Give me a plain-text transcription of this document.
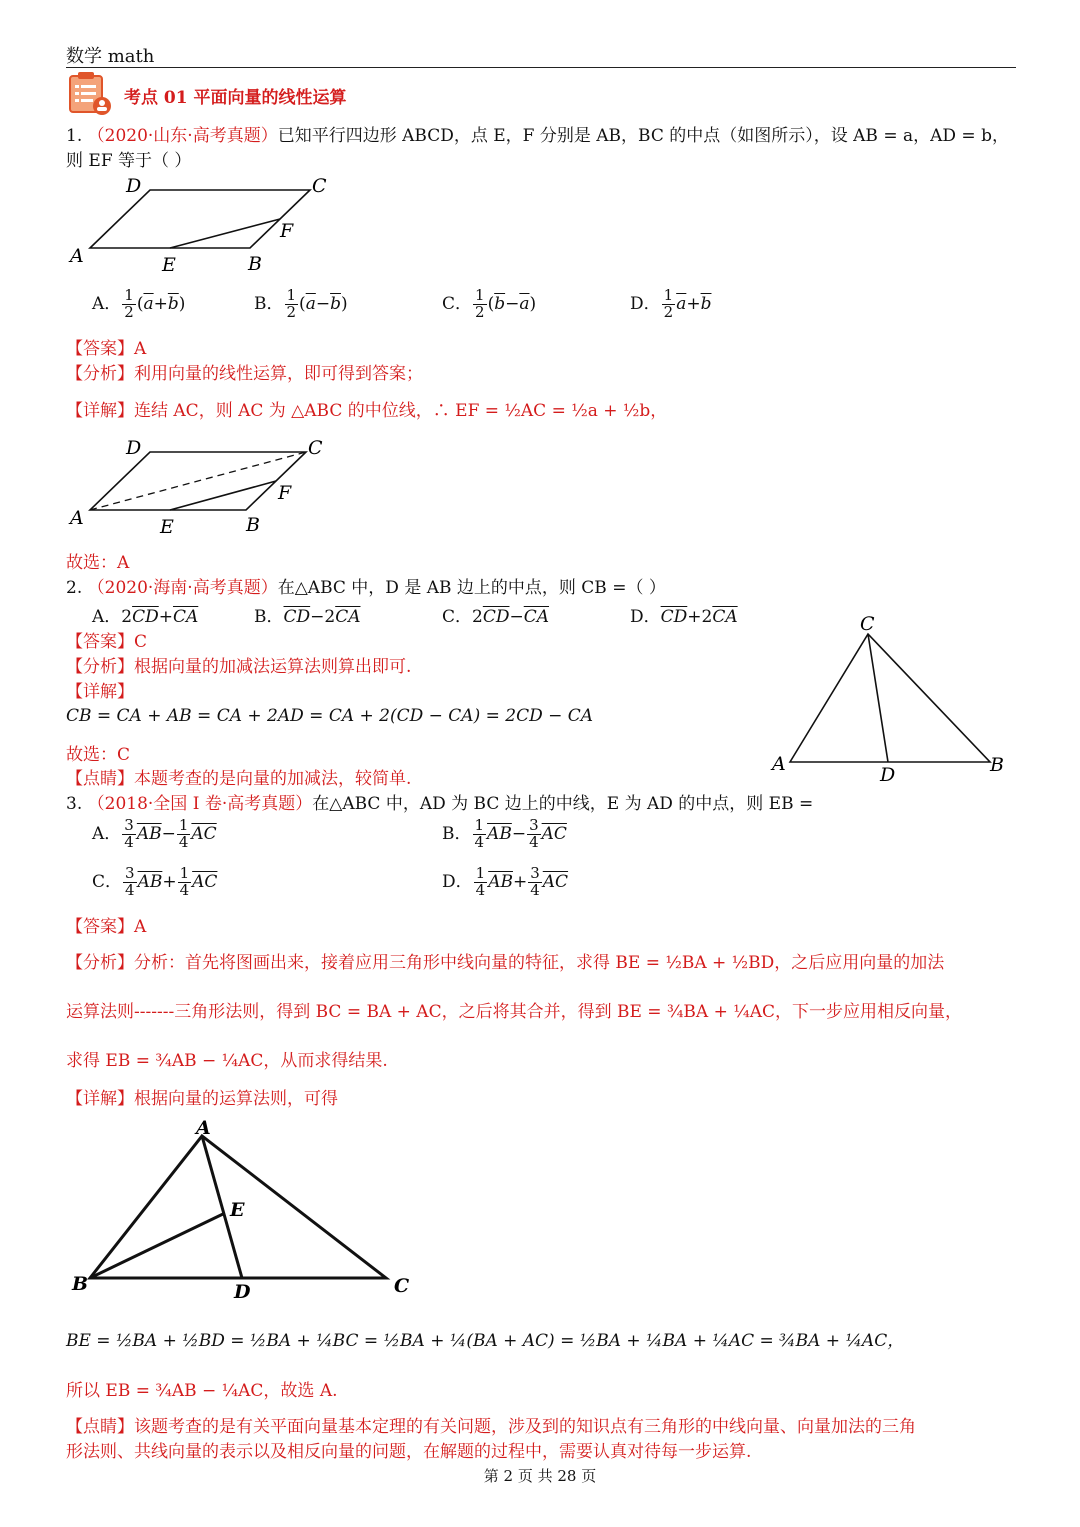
数学 math
考点 01 平面向量的线性运算
1. （2020·山东·高考真题）已知平行四边形 ABCD，点 E，F 分别是 AB，BC 的中点（如图所示），设 AB = a，AD = b，
则 EF 等于（ ）
A	B
C
D
E
F
A． $\frac{1}{2} (\overline{a}+\overline{b})$	B． $\frac{1}{2} (\overline{a}-\overline{b})$	C． $\frac{1}{2} (\overline{b}-\overline{a})$	D． $\frac{1}{2} \overline{a}+\overline{b}$
【答案】A
【分析】利用向量的线性运算，即可得到答案；
【详解】连结 AC，则 AC 为 △ABC 的中位线，∴ EF = ½AC = ½a + ½b，
A	B
C
D
E
F
故选：A
2. （2020·海南·高考真题）在△ABC 中，D 是 AB 边上的中点，则 CB =（ ）
A．$2\overline{CD}+\overline{CA}$	B．$\overline{CD}-2\overline{CA}$	C．$2\overline{CD}-\overline{CA}$	D．$\overline{CD}+2\overline{CA}$
【答案】C
【分析】根据向量的加减法运算法则算出即可.
【详解】
CB = CA + AB = CA + 2AD = CA + 2(CD − CA) = 2CD − CA
故选：C
【点睛】本题考查的是向量的加减法，较简单.
A	B
C
D
3. （2018·全国 I 卷·高考真题）在△ABC 中，AD 为 BC 边上的中线，E 为 AD 的中点，则 EB =
A． $\frac{3}{4} \overline{AB}- \frac{1}{4} \overline{AC}$	B． $\frac{1}{4} \overline{AB}- \frac{3}{4} \overline{AC}$
C． $\frac{3}{4} \overline{AB}+ \frac{1}{4} \overline{AC}$	D． $\frac{1}{4} \overline{AB}+ \frac{3}{4} \overline{AC}$
【答案】A
【分析】分析：首先将图画出来，接着应用三角形中线向量的特征，求得 BE = ½BA + ½BD，之后应用向量的加法
运算法则-------三角形法则，得到 BC = BA + AC，之后将其合并，得到 BE = ¾BA + ¼AC，下一步应用相反向量，
求得 EB = ¾AB − ¼AC，从而求得结果.
【详解】根据向量的运算法则，可得
A
B	C
D
E
BE = ½BA + ½BD = ½BA + ¼BC = ½BA + ¼(BA + AC) = ½BA + ¼BA + ¼AC = ¾BA + ¼AC，
所以 EB = ¾AB − ¼AC，故选 A.
【点睛】该题考查的是有关平面向量基本定理的有关问题，涉及到的知识点有三角形的中线向量、向量加法的三角
形法则、共线向量的表示以及相反向量的问题，在解题的过程中，需要认真对待每一步运算.
第 2 页 共 28 页
